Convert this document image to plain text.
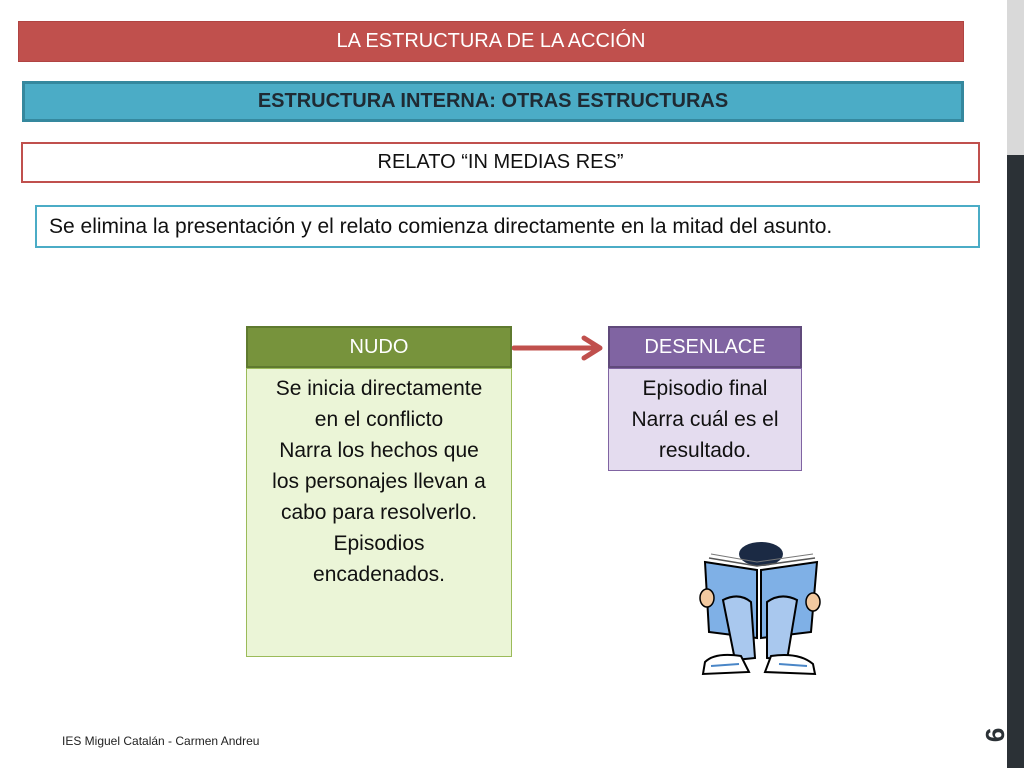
9
LA ESTRUCTURA DE LA ACCIÓN
ESTRUCTURA INTERNA: OTRAS ESTRUCTURAS
RELATO “IN MEDIAS RES”
Se elimina la presentación y el relato comienza directamente en la mitad del asunto.
NUDO
Se inicia directamente
en el conflicto
Narra los hechos que
los personajes llevan a
cabo para resolverlo.
Episodios
encadenados.
DESENLACE
Episodio final
Narra cuál es el
resultado.
IES Miguel Catalán - Carmen Andreu
